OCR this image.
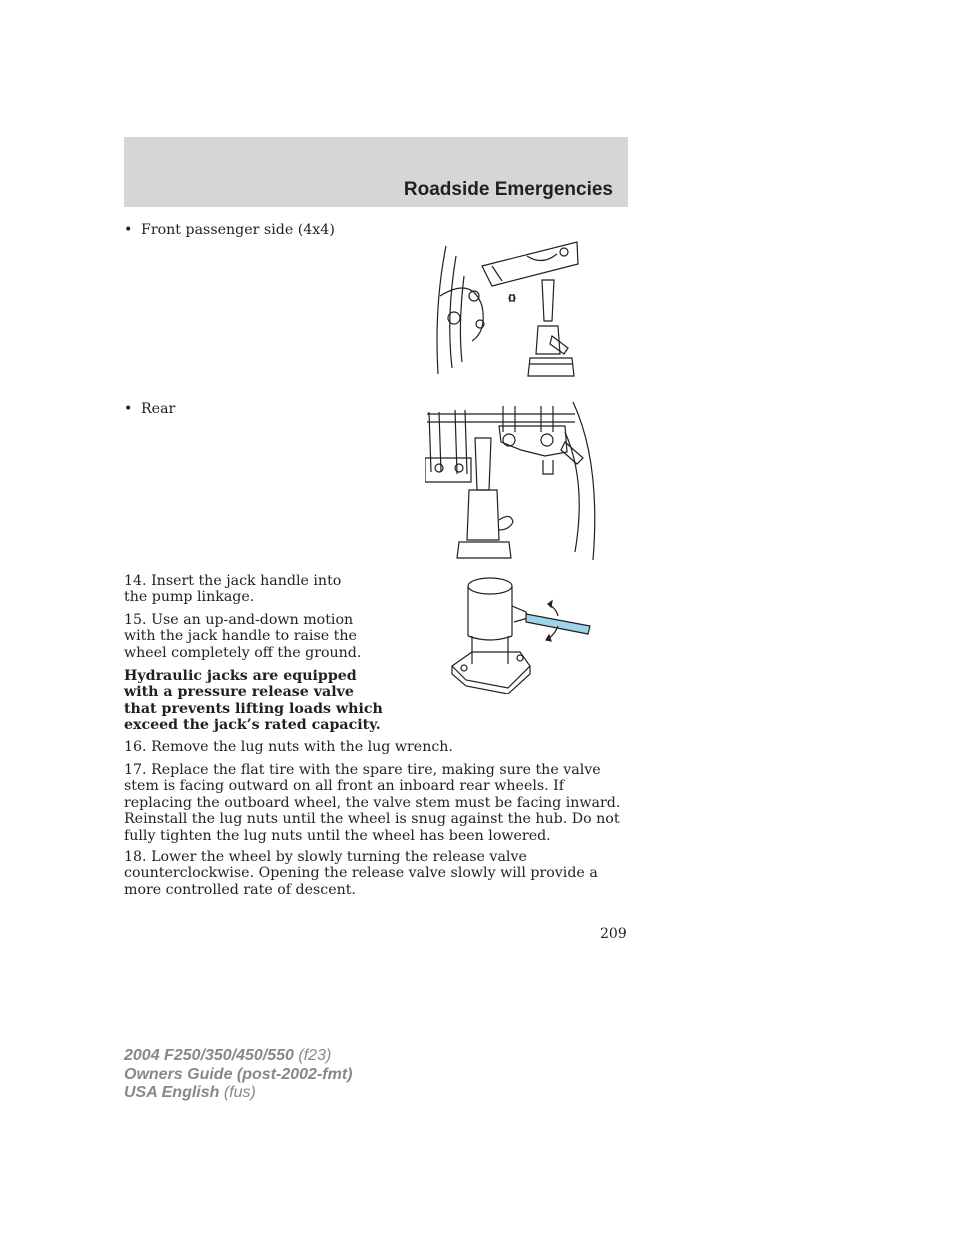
Roadside Emergencies
• Front passenger side (4x4)
• Rear

14. Insert the jack handle into the pump linkage.

15. Use an up-and-down motion with the jack handle to raise the wheel completely off the ground.

Hydraulic jacks are equipped with a pressure release valve that prevents lifting loads which exceed the jack’s rated capacity.

16. Remove the lug nuts with the lug wrench.

17. Replace the flat tire with the spare tire, making sure the valve stem is facing outward on all front an inboard rear wheels. If replacing the outboard wheel, the valve stem must be facing inward. Reinstall the lug nuts until the wheel is snug against the hub. Do not fully tighten the lug nuts until the wheel has been lowered.

18. Lower the wheel by slowly turning the release valve counterclockwise. Opening the release valve slowly will provide a more controlled rate of descent.

209
2004 F250/350/450/550 (f23)
Owners Guide (post-2002-fmt)
USA English (fus)
